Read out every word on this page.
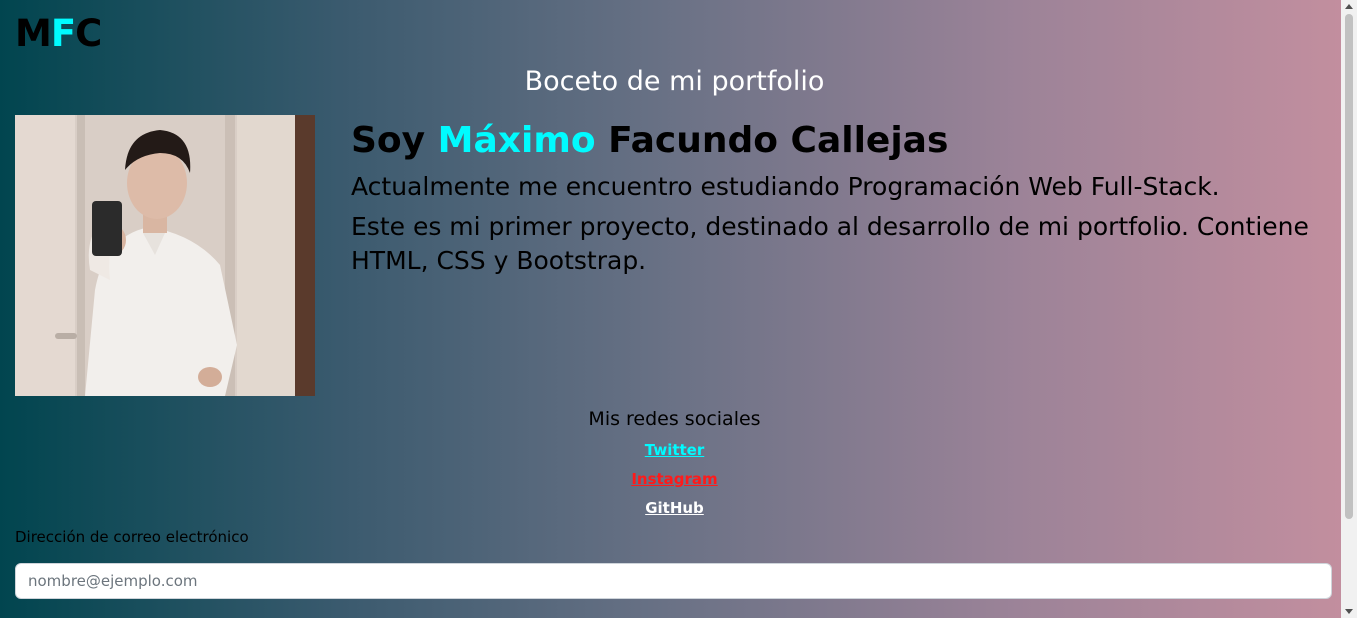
MFC
Boceto de mi portfolio
Soy Máximo Facundo Callejas

Actualmente me encuentro estudiando Programación Web Full-Stack.

Este es mi primer proyecto, destinado al desarrollo de mi portfolio. Contiene HTML, CSS y Bootstrap.

Mis redes sociales

Twitter
Instagram
GitHub
Dirección de correo electrónico
nombre@ejemplo.com
